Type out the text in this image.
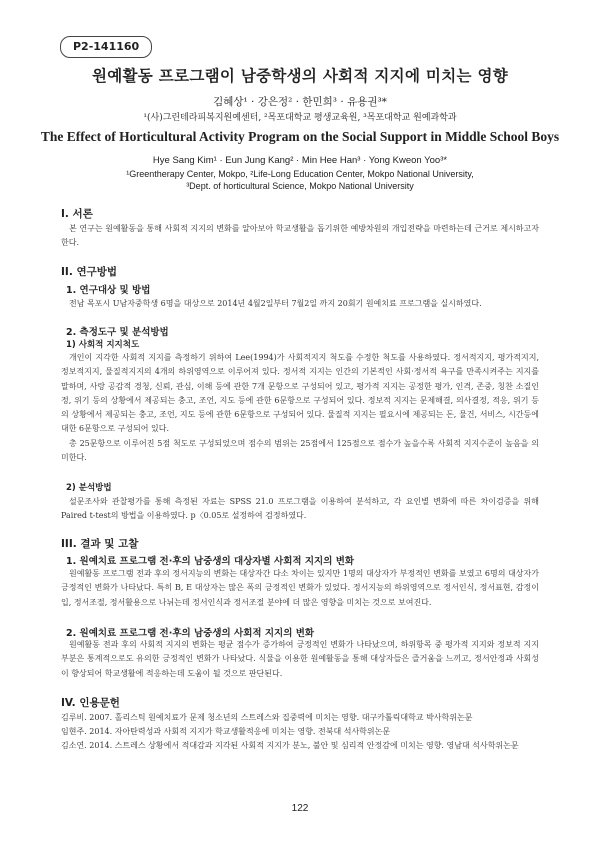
P2-141160
원예활동 프로그램이 남중학생의 사회적 지지에 미치는 영향
김혜상¹ · 강은정² · 한민희³ · 유용권³*
¹(사)그린테라피복지원예센터, ²목포대학교 평생교육원, ³목포대학교 원예과학과
The Effect of Horticultural Activity Program on the Social Support in Middle School Boys
Hye Sang Kim¹ · Eun Jung Kang² · Min Hee Han³ · Yong Kweon Yoo³*
¹Greentherapy Center, Mokpo, ²Life-Long Education Center, Mokpo National University,
³Dept. of horticultural Science, Mokpo National University
I. 서론
본 연구는 원예활동을 통해 사회적 지지의 변화를 알아보아 학교생활을 돕기위한 예방차원의 개입전략을 마련하는데 근거로 제시하고자한다.
II. 연구방법
1. 연구대상 및 방법
전남 목포시 U남자중학생 6명을 대상으로 2014년 4월2일부터 7월2일 까지 20회기 원예치료 프로그램을 실시하였다.
2. 측정도구 및 분석방법
1) 사회적 지지척도
개인이 지각한 사회적 지지를 측정하기 위하여 Lee(1994)가 사회적지지 척도를 수정한 척도를 사용하였다. 정서적지지, 평가적지지, 정보적지지, 물질적지지의 4개의 하위영역으로 이루어져 있다. 정서적 지지는 인간의 기본적인 사회·정서적 욕구를 만족시켜주는 지지를 말하며, 사랑 공감적 경청, 신뢰, 관심, 이해 등에 관한 7개 문항으로 구성되어 있고, 평가적 지지는 공정한 평가, 인격, 존중, 칭찬 소질인정, 위기 등의 상황에서 제공되는 충고, 조언, 지도 등에 관한 6문항으로 구성되어 있다. 정보적 지지는 문제해결, 의사결정, 적응, 위기 등의 상황에서 제공되는 충고, 조언, 지도 등에 관한 6문항으로 구성되어 있다. 물질적 지지는 필요시에 제공되는 돈, 물건, 서비스, 시간등에 대한 6문항으로 구성되어 있다.
총 25문항으로 이루어진 5점 척도로 구성되었으며 점수의 범위는 25점에서 125점으로 점수가 높을수록 사회적 지지수준이 높음을 의미한다.
2) 분석방법
설문조사와 관찰평가를 통해 측정된 자료는 SPSS 21.0 프로그램을 이용하여 분석하고, 각 요인별 변화에 따른 차이검증을 위해 Paired t-test의 방법을 이용하였다. p〈0.05로 설정하여 검정하였다.
III. 결과 및 고찰
1. 원예치료 프로그램 전·후의 남중생의 대상자별 사회적 지지의 변화
원예활동 프로그램 전과 후의 정서지능의 변화는 대상자간 다소 차이는 있지만 1명의 대상자가 부정적인 변화를 보였고 6명의 대상자가 긍정적인 변화가 나타났다. 특히 B, E 대상자는 많은 폭의 긍정적인 변화가 있었다. 정서지능의 하위영역으로 정서인식, 정서표현, 감정이입, 정서조절, 정서활용으로 나뉘는데 정서인식과 정서조절 분야에 더 많은 영향을 미치는 것으로 보여진다.
2. 원예치료 프로그램 전·후의 남중생의 사회적 지지의 변화
원예활동 전과 후의 사회적 지지의 변화는 평균 점수가 증가하여 긍정적인 변화가 나타났으며, 하위항목 중 평가적 지지와 정보적 지지부분은 통계적으로도 유의한 긍정적인 변화가 나타났다. 식물을 이용한 원예활동을 통해 대상자들은 즐거움을 느끼고, 정서안정과 사회성이 향상되어 학교생활에 적응하는데 도움이 될 것으로 판단된다.
IV. 인용문헌
김루비. 2007. 홀리스틱 원예치료가 문제 청소년의 스트레스와 집중력에 미치는 영향. 대구카톨릭대학교 박사학위논문
임현주. 2014. 자아탄력성과 사회적 지지가 학교생활적응에 미치는 영향. 전북대 석사학위논문
김소연. 2014. 스트레스 상황에서 적대감과 지각된 사회적 지지가 분노, 불안 및 심리적 안정감에 미치는 영향. 영남대 석사학위논문
122
